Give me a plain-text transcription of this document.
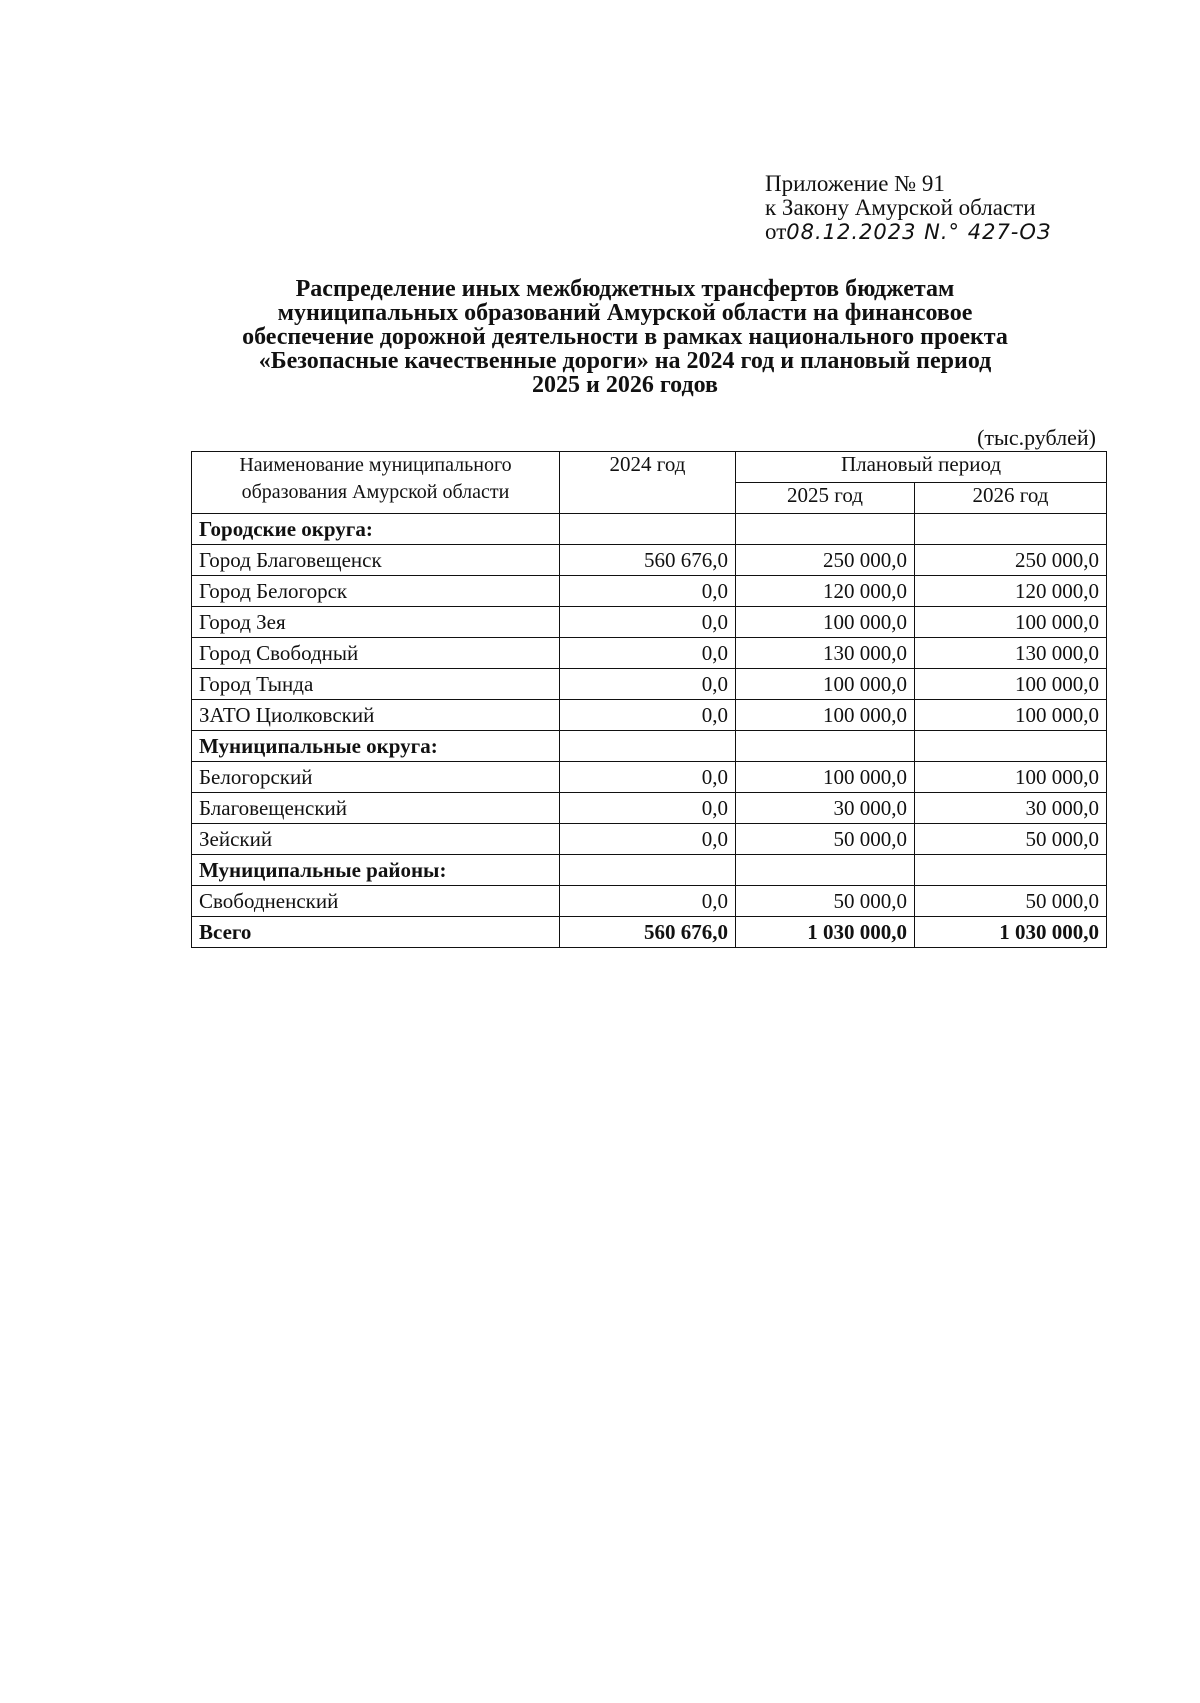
Приложение № 91
к Закону Амурской области
от08.12.2023 N.° 427-ОЗ
Распределение иных межбюджетных трансфертов бюджетам
муниципальных образований Амурской области на финансовое
обеспечение дорожной деятельности в рамках национального проекта
«Безопасные качественные дороги» на 2024 год и плановый период
2025 и 2026 годов
(тыс.рублей)
Наименование муниципального
образования Амурской области	2024 год	Плановый период	
		2025 год	2026 год
Городские округа:			
Город Благовещенск	560 676,0	250 000,0	250 000,0
Город Белогорск	0,0	120 000,0	120 000,0
Город Зея	0,0	100 000,0	100 000,0
Город Свободный	0,0	130 000,0	130 000,0
Город Тында	0,0	100 000,0	100 000,0
ЗАТО Циолковский	0,0	100 000,0	100 000,0
Муниципальные округа:			
Белогорский	0,0	100 000,0	100 000,0
Благовещенский	0,0	30 000,0	30 000,0
Зейский	0,0	50 000,0	50 000,0
Муниципальные районы:			
Свободненский	0,0	50 000,0	50 000,0
Всего	560 676,0	1 030 000,0	1 030 000,0
